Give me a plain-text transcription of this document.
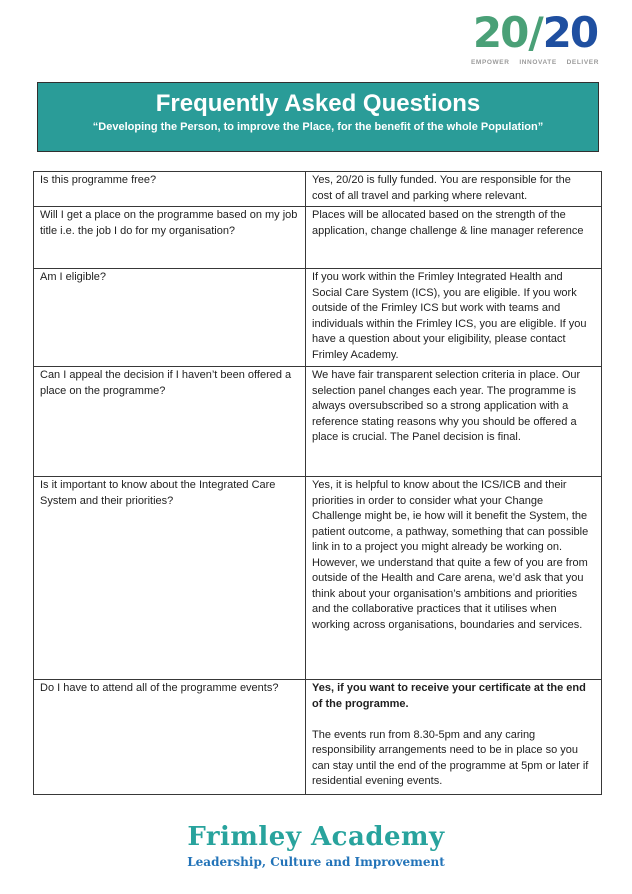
20 / 20
EMPOWER INNOVATE DELIVER
Frequently Asked Questions
“Developing the Person, to improve the Place, for the benefit of the whole Population”

Is this programme free?	Yes, 20/20 is fully funded. You are responsible for the cost of all travel and parking where relevant.

Will I get a place on the programme based on my job title i.e. the job I do for my organisation?	Places will be allocated based on the strength of the application, change challenge & line manager reference

Am I eligible?	If you work within the Frimley Integrated Health and Social Care System (ICS), you are eligible. If you work outside of the Frimley ICS but work with teams and individuals within the Frimley ICS, you are eligible. If you have a question about your eligibility, please contact Frimley Academy.

Can I appeal the decision if I haven’t been offered a place on the programme?	We have fair transparent selection criteria in place. Our selection panel changes each year. The programme is always oversubscribed so a strong application with a reference stating reasons why you should be offered a place is crucial. The Panel decision is final.

Is it important to know about the Integrated Care System and their priorities?	Yes, it is helpful to know about the ICS/ICB and their priorities in order to consider what your Change Challenge might be, ie how will it benefit the System, the patient outcome, a pathway, something that can possible link in to a project you might already be working on.

However, we understand that quite a few of you are from outside of the Health and Care arena, we’d ask that you think about your organisation’s ambitions and priorities and the collaborative practices that it utilises when working across organisations, boundaries and services.

Do I have to attend all of the programme events?	Yes, if you want to receive your certificate at the end of the programme.

The events run from 8.30-5pm and any caring responsibility arrangements need to be in place so you can stay until the end of the programme at 5pm or later if residential evening events.

Frimley Academy
Leadership, Culture and Improvement
